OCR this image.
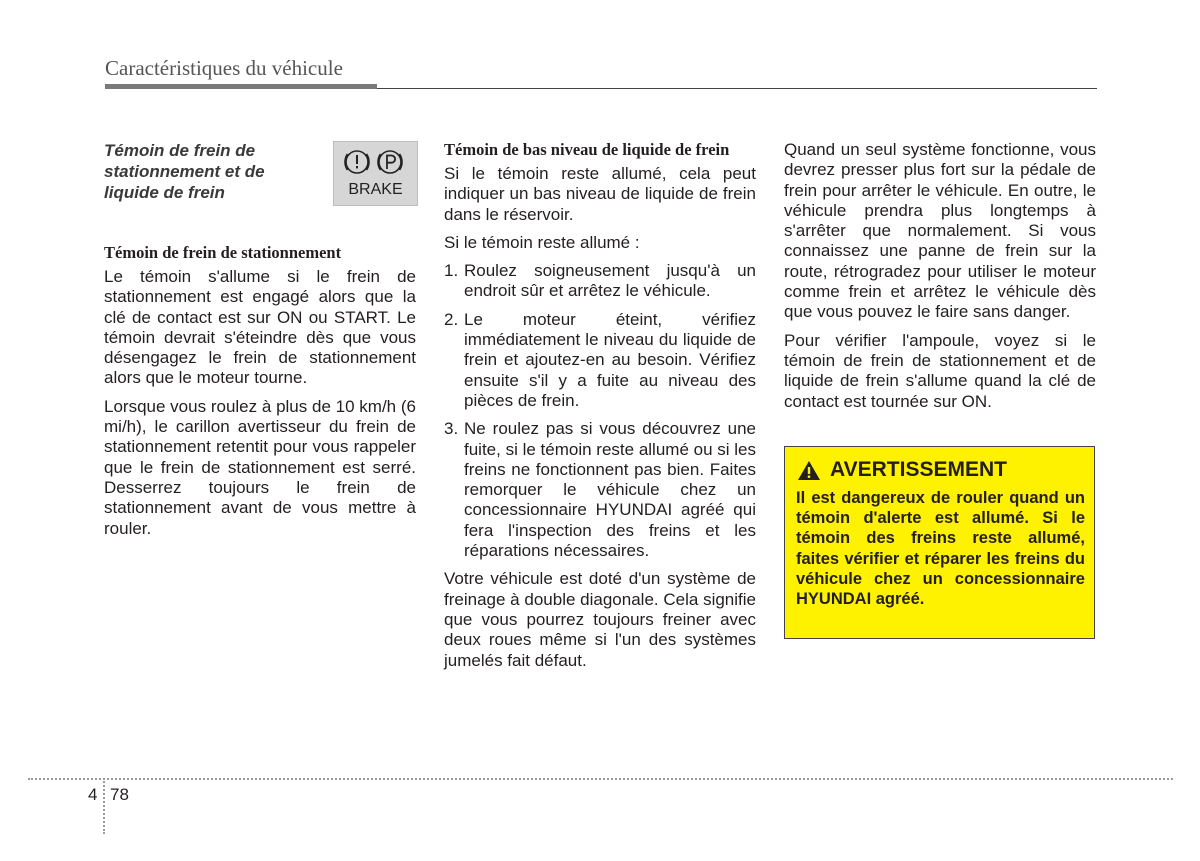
Caractéristiques du véhicule
Témoin de frein de stationnement et de liquide de frein	BRAKE
Témoin de frein de stationnement

Le témoin s'allume si le frein de stationnement est engagé alors que la clé de contact est sur ON ou START. Le témoin devrait s'éteindre dès que vous désengagez le frein de stationnement alors que le moteur tourne.

Lorsque vous roulez à plus de 10 km/h (6 mi/h), le carillon avertisseur du frein de stationnement retentit pour vous rappeler que le frein de stationnement est serré. Desserrez toujours le frein de stationnement avant de vous mettre à rouler.

Témoin de bas niveau de liquide de frein

Si le témoin reste allumé, cela peut indiquer un bas niveau de liquide de frein dans le réservoir.

Si le témoin reste allumé :

1. Roulez soigneusement jusqu'à un endroit sûr et arrêtez le véhicule.
2. Le moteur éteint, vérifiez immédiatement le niveau du liquide de frein et ajoutez-en au besoin. Vérifiez ensuite s'il y a fuite au niveau des pièces de frein.
3. Ne roulez pas si vous découvrez une fuite, si le témoin reste allumé ou si les freins ne fonctionnent pas bien. Faites remorquer le véhicule chez un concessionnaire HYUNDAI agréé qui fera l'inspection des freins et les réparations nécessaires.

Votre véhicule est doté d'un système de freinage à double diagonale. Cela signifie que vous pourrez toujours freiner avec deux roues même si l'un des systèmes jumelés fait défaut.

Quand un seul système fonctionne, vous devrez presser plus fort sur la pédale de frein pour arrêter le véhicule. En outre, le véhicule prendra plus longtemps à s'arrêter que normalement. Si vous connaissez une panne de frein sur la route, rétrogradez pour utiliser le moteur comme frein et arrêtez le véhicule dès que vous pouvez le faire sans danger.

Pour vérifier l'ampoule, voyez si le témoin de frein de stationnement et de liquide de frein s'allume quand la clé de contact est tournée sur ON.

AVERTISSEMENT
Il est dangereux de rouler quand un témoin d'alerte est allumé. Si le témoin des freins reste allumé, faites vérifier et réparer les freins du véhicule chez un concessionnaire HYUNDAI agréé.
4 78
